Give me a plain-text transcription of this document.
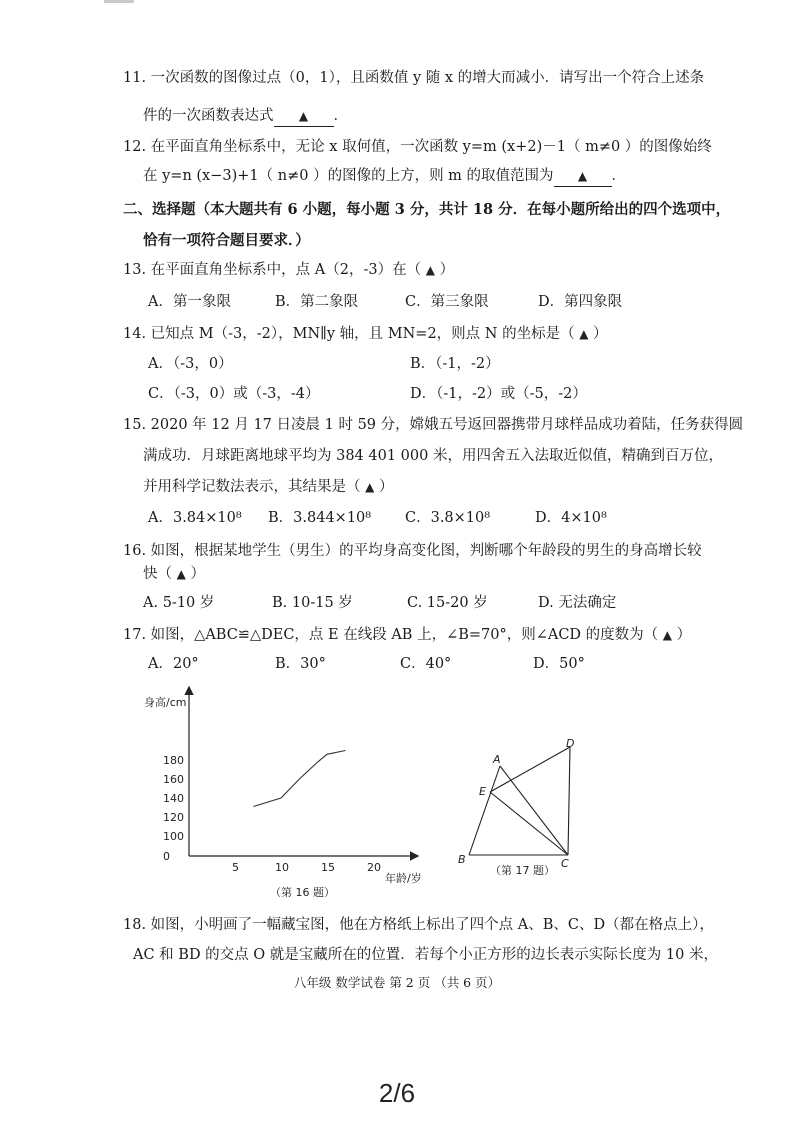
11. 一次函数的图像过点（0，1），且函数值 y 随 x 的增大而减小．请写出一个符合上述条
件的一次函数表达式 ▲ ．
12. 在平面直角坐标系中，无论 x 取何值，一次函数 y=m (x+2)－1（ m≠0 ）的图像始终
在 y=n (x−3)+1（ n≠0 ）的图像的上方，则 m 的取值范围为 ▲ ．
二、选择题（本大题共有 6 小题，每小题 3 分，共计 18 分．在每小题所给出的四个选项中，
恰有一项符合题目要求．）
13. 在平面直角坐标系中，点 A（2，-3）在（ ▲ ）
A．第一象限	B．第二象限	C．第三象限	D．第四象限
14. 已知点 M（-3，-2），MN∥y 轴，且 MN=2，则点 N 的坐标是（ ▲ ）
A．（-3，0）	B．（-1，-2）
C．（-3，0）或（-3，-4）	D．（-1，-2）或（-5，-2）
15. 2020 年 12 月 17 日凌晨 1 时 59 分，嫦娥五号返回器携带月球样品成功着陆，任务获得圆
满成功．月球距离地球平均为 384 401 000 米，用四舍五入法取近似值，精确到百万位，
并用科学记数法表示，其结果是（ ▲ ）
A．3.84×10⁸ B．3.844×10⁸ C．3.8×10⁸	D．4×10⁸
16. 如图，根据某地学生（男生）的平均身高变化图，判断哪个年龄段的男生的身高增长较
快（ ▲ ）
A. 5-10 岁	B. 10-15 岁	C. 15-20 岁	D. 无法确定
17. 如图，△ABC≌△DEC，点 E 在线段 AB 上，∠B=70°，则∠ACD 的度数为（ ▲ ）
A．20°	B．30°	C．40°	D．50°
身高/cm
年龄/岁
（第 16 题）
0
100
120
140
160
180
5	10	15	20
A
B	C
D
E
（第 17 题）
18. 如图，小明画了一幅藏宝图，他在方格纸上标出了四个点 A、B、C、D（都在格点上），
AC 和 BD 的交点 O 就是宝藏所在的位置．若每个小正方形的边长表示实际长度为 10 米，
八年级 数学试卷 第 2 页 （共 6 页）
2/6
